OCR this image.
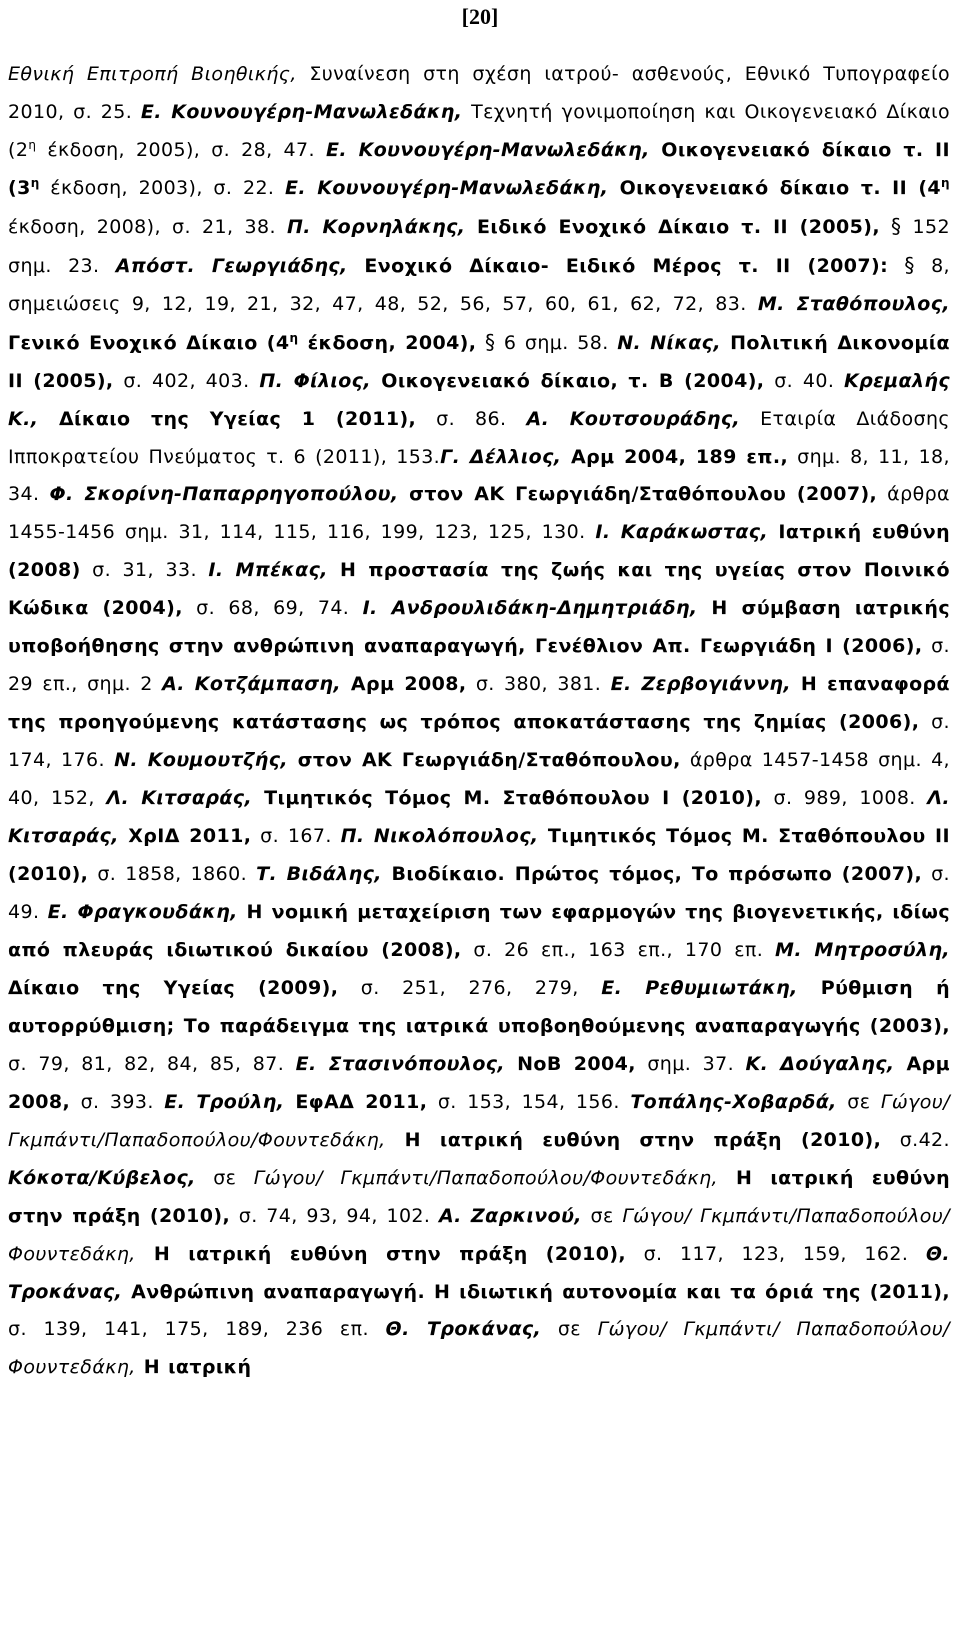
[20]
Εθνική Επιτροπή Βιοηθικής, Συναίνεση στη σχέση ιατρού- ασθενούς, Εθνικό Τυπογραφείο 2010, σ. 25. Ε. Κουνουγέρη-Μανωλεδάκη, Τεχνητή γονιμοποίηση και Οικογενειακό Δίκαιο ($2^\eta$ έκδοση, 2005), σ. 28, 47. Ε. Κουνουγέρη-Μανωλεδάκη, Οικογενειακό δίκαιο τ. ΙΙ ($3^\eta$ έκδοση, 2003), σ. 22. Ε. Κουνουγέρη-Μανωλεδάκη, Οικογενειακό δίκαιο τ. ΙΙ ($4^\eta$ έκδοση, 2008), σ. 21, 38. Π. Κορνηλάκης, Ειδικό Ενοχικό Δίκαιο τ. ΙΙ (2005), § 152 σημ. 23. Απόστ. Γεωργιάδης, Ενοχικό Δίκαιο- Ειδικό Μέρος τ. ΙΙ (2007): § 8, σημειώσεις 9, 12, 19, 21, 32, 47, 48, 52, 56, 57, 60, 61, 62, 72, 83. Μ. Σταθόπουλος, Γενικό Ενοχικό Δίκαιο ($4^\eta$ έκδοση, 2004), § 6 σημ. 58. Ν. Νίκας, Πολιτική Δικονομία ΙΙ (2005), σ. 402, 403. Π. Φίλιος, Οικογενειακό δίκαιο, τ. Β (2004), σ. 40. Κρεμαλής Κ., Δίκαιο της Υγείας 1 (2011), σ. 86. Α. Κουτσουράδης, Εταιρία Διάδοσης Ιπποκρατείου Πνεύματος τ. 6 (2011), 153.Γ. Δέλλιος, Αρμ 2004, 189 επ., σημ. 8, 11, 18, 34. Φ. Σκορίνη-Παπαρρηγοπούλου, στον ΑΚ Γεωργιάδη/Σταθόπουλου (2007), άρθρα 1455-1456 σημ. 31, 114, 115, 116, 199, 123, 125, 130. Ι. Καράκωστας, Ιατρική ευθύνη (2008) σ. 31, 33. Ι. Μπέκας, Η προστασία της ζωής και της υγείας στον Ποινικό Κώδικα (2004), σ. 68, 69, 74. Ι. Ανδρουλιδάκη-Δημητριάδη, Η σύμβαση ιατρικής υποβοήθησης στην ανθρώπινη αναπαραγωγή, Γενέθλιον Απ. Γεωργιάδη Ι (2006), σ. 29 επ., σημ. 2 Α. Κοτζάμπαση, Αρμ 2008, σ. 380, 381. Ε. Ζερβογιάννη, Η επαναφορά της προηγούμενης κατάστασης ως τρόπος αποκατάστασης της ζημίας (2006), σ. 174, 176. Ν. Κουμουτζής, στον ΑΚ Γεωργιάδη/Σταθόπουλου, άρθρα 1457-1458 σημ. 4, 40, 152, Λ. Κιτσαράς, Τιμητικός Τόμος Μ. Σταθόπουλου Ι (2010), σ. 989, 1008. Λ. Κιτσαράς, ΧρΙΔ 2011, σ. 167. Π. Νικολόπουλος, Τιμητικός Τόμος Μ. Σταθόπουλου ΙΙ (2010), σ. 1858, 1860. Τ. Βιδάλης, Βιοδίκαιο. Πρώτος τόμος, Το πρόσωπο (2007), σ. 49. Ε. Φραγκουδάκη, Η νομική μεταχείριση των εφαρμογών της βιογενετικής, ιδίως από πλευράς ιδιωτικού δικαίου (2008), σ. 26 επ., 163 επ., 170 επ. Μ. Μητροσύλη, Δίκαιο της Υγείας (2009), σ. 251, 276, 279, Ε. Ρεθυμιωτάκη, Ρύθμιση ή αυτορρύθμιση; Το παράδειγμα της ιατρικά υποβοηθούμενης αναπαραγωγής (2003), σ. 79, 81, 82, 84, 85, 87. Ε. Στασινόπουλος, ΝοΒ 2004, σημ. 37. Κ. Δούγαλης, Αρμ 2008, σ. 393. Ε. Τρούλη, ΕφΑΔ 2011, σ. 153, 154, 156. Τοπάλης-Χοβαρδά, σε Γώγου/ Γκμπάντι/Παπαδοπούλου/Φουντεδάκη, Η ιατρική ευθύνη στην πράξη (2010), σ.42. Κόκοτα/Κύβελος, σε Γώγου/ Γκμπάντι/Παπαδοπούλου/Φουντεδάκη, Η ιατρική ευθύνη στην πράξη (2010), σ. 74, 93, 94, 102. Α. Ζαρκινού, σε Γώγου/ Γκμπάντι/Παπαδοπούλου/Φουντεδάκη, Η ιατρική ευθύνη στην πράξη (2010), σ. 117, 123, 159, 162. Θ. Τροκάνας, Ανθρώπινη αναπαραγωγή. Η ιδιωτική αυτονομία και τα όριά της (2011), σ. 139, 141, 175, 189, 236 επ. Θ. Τροκάνας, σε Γώγου/ Γκμπάντι/ Παπαδοπούλου/ Φουντεδάκη, Η ιατρική
